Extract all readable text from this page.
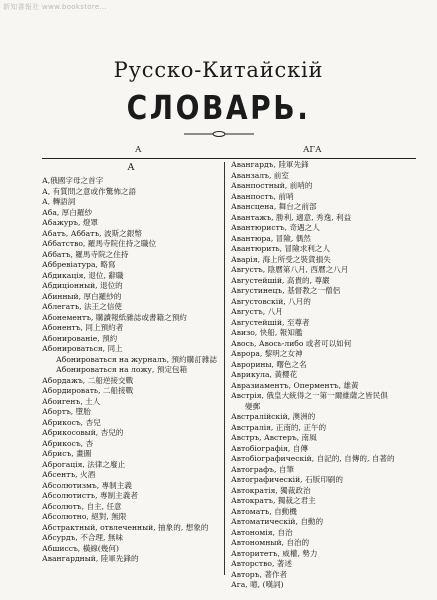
新知書報社 www.bookstore...
Русско-Китайскiй
СЛОВАРЬ.
А	АГА
А
А,俄國字母之首字
А, 有質問之意或作驚怖之語
А, 轉語詞
Аба, 厚白羅紗
Абажуръ, 燈罩
Абатъ, Аббатъ, 波斯之銀幣
Аббатство, 羅馬寺院住持之職位
Аббатъ, 羅馬寺院之住持
Аббревіатура, 略寫
Абдикація, 退位, 辭職
Абдиціонный, 退位的
Абинный, 厚白羅紗的
Аблегатъ, 法王之信使
Абонементъ, 購讀報紙雜誌或書籍之預約
Абонентъ, 同上預約者
Абонированіе, 預約
Абонироваться, 同上
Абонироваться на журналъ, 預約購訂雜誌
Абонироваться на ложу, 預定包箱
Абордажъ, 二船逆接交戰
Абордировать, 二船接戰
Абоигенъ, 土人
Абортъ, 墮胎
Абрикосъ, 杏兒
Абрикосовый, 杏兒的
Абрикосъ, 杏
Абрисъ, 畫圖
Аброгація, 法律之廢止
Абсентъ, 火酒
Абсолютизмъ, 專制主義
Абсолютистъ, 專制主義者
Абсолютъ, 自主, 任意
Абсолютно, 絕對, 無限
Абстрактный, отвлеченный, 抽象的, 想象的
Абсурдъ, 不合理, 無味
Абшиссъ, 橫線(幾何)
Авангардный, 陸軍先鋒的
Авангардъ, 陸軍先鋒
Аванзалъ, 前室
Аванпостный, 前哨的
Аванпостъ, 前哨
Авансцена, 舞台之前部
Авантажъ, 勝利, 適意, 秀逸, 利益
Авантюристъ, 奇遇之人
Авантюра, 冒險, 偶然
Авантюрить, 冒險求利之人
Аварія, 海上所受之裝貨損失
Августъ, 陰曆第八月, 西曆之八月
Августейшій, 高貴的, 尊嚴
Августинецъ, 基督教之一僧侶
Августовскій, 八月的
Августъ, 八月
Августейшій, 至尊者
Авизо, 快船, 報知艦
Авось, Авось-либо 或者可以如何
Аврора, 黎明之女神
Аврорины, 曙色之名
Аврикула, 黃櫻花
Авразиаментъ, Оперментъ, 雄黃
Австрія, 俄皇大統得之一第一爾維薩之皆民俱
變郵
Австралійскій, 澳洲的
Австралія, 正南的, 正午的
Австръ, Австеръ, 南風
Автобіографія, 自傳
Автобіографическій, 自記的, 自傳的, 自著的
Автографъ, 自筆
Автографическій, 石版印刷的
Автократія, 獨裁政治
Автократъ, 獨裁之君主
Автоматъ, 自動機
Автоматическій, 自動的
Автономія, 自治
Автономный, 自治的
Авторитетъ, 威權, 勢力
Авторство, 著述
Авторъ, 著作者
Ага, 噫, (嘆詞)
